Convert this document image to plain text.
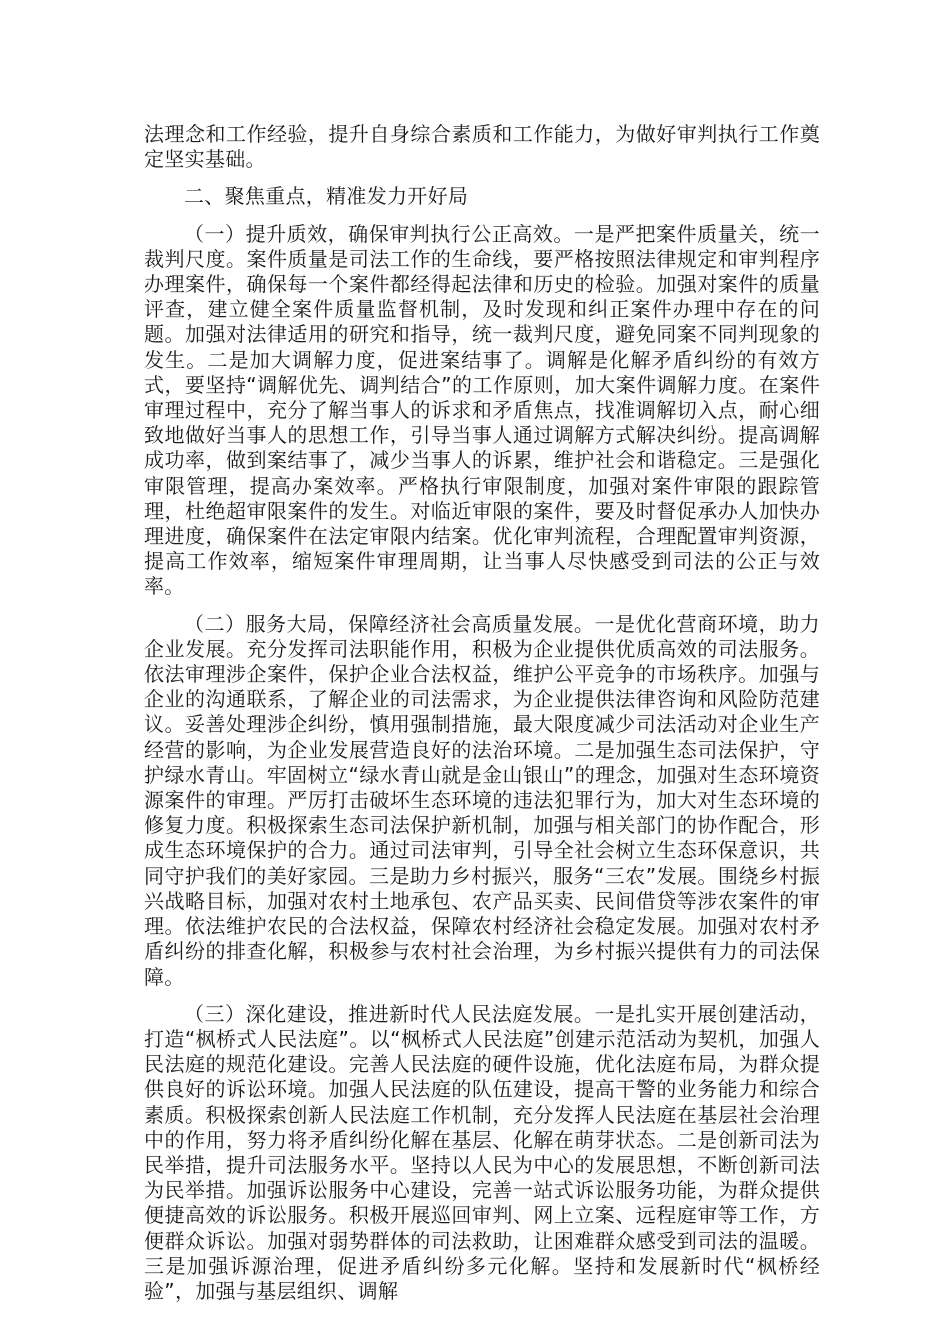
法理念和工作经验，提升自身综合素质和工作能力，为做好审判执行工作奠定坚实基础。

二、聚焦重点，精准发力开好局

（一）提升质效，确保审判执行公正高效。一是严把案件质量关，统一裁判尺度。案件质量是司法工作的生命线，要严格按照法律规定和审判程序办理案件，确保每一个案件都经得起法律和历史的检验。加强对案件的质量评查，建立健全案件质量监督机制，及时发现和纠正案件办理中存在的问题。加强对法律适用的研究和指导，统一裁判尺度，避免同案不同判现象的发生。二是加大调解力度，促进案结事了。调解是化解矛盾纠纷的有效方式，要坚持“调解优先、调判结合”的工作原则，加大案件调解力度。在案件审理过程中，充分了解当事人的诉求和矛盾焦点，找准调解切入点，耐心细致地做好当事人的思想工作，引导当事人通过调解方式解决纠纷。提高调解成功率，做到案结事了，减少当事人的诉累，维护社会和谐稳定。三是强化审限管理，提高办案效率。严格执行审限制度，加强对案件审限的跟踪管理，杜绝超审限案件的发生。对临近审限的案件，要及时督促承办人加快办理进度，确保案件在法定审限内结案。优化审判流程，合理配置审判资源，提高工作效率，缩短案件审理周期，让当事人尽快感受到司法的公正与效率。

（二）服务大局，保障经济社会高质量发展。一是优化营商环境，助力企业发展。充分发挥司法职能作用，积极为企业提供优质高效的司法服务。依法审理涉企案件，保护企业合法权益，维护公平竞争的市场秩序。加强与企业的沟通联系，了解企业的司法需求，为企业提供法律咨询和风险防范建议。妥善处理涉企纠纷，慎用强制措施，最大限度减少司法活动对企业生产经营的影响，为企业发展营造良好的法治环境。二是加强生态司法保护，守护绿水青山。牢固树立“绿水青山就是金山银山”的理念，加强对生态环境资源案件的审理。严厉打击破坏生态环境的违法犯罪行为，加大对生态环境的修复力度。积极探索生态司法保护新机制，加强与相关部门的协作配合，形成生态环境保护的合力。通过司法审判，引导全社会树立生态环保意识，共同守护我们的美好家园。三是助力乡村振兴，服务“三农”发展。围绕乡村振兴战略目标，加强对农村土地承包、农产品买卖、民间借贷等涉农案件的审理。依法维护农民的合法权益，保障农村经济社会稳定发展。加强对农村矛盾纠纷的排查化解，积极参与农村社会治理，为乡村振兴提供有力的司法保障。

（三）深化建设，推进新时代人民法庭发展。一是扎实开展创建活动，打造“枫桥式人民法庭”。以“枫桥式人民法庭”创建示范活动为契机，加强人民法庭的规范化建设。完善人民法庭的硬件设施，优化法庭布局，为群众提供良好的诉讼环境。加强人民法庭的队伍建设，提高干警的业务能力和综合素质。积极探索创新人民法庭工作机制，充分发挥人民法庭在基层社会治理中的作用，努力将矛盾纠纷化解在基层、化解在萌芽状态。二是创新司法为民举措，提升司法服务水平。坚持以人民为中心的发展思想，不断创新司法为民举措。加强诉讼服务中心建设，完善一站式诉讼服务功能，为群众提供便捷高效的诉讼服务。积极开展巡回审判、网上立案、远程庭审等工作，方便群众诉讼。加强对弱势群体的司法救助，让困难群众感受到司法的温暖。三是加强诉源治理，促进矛盾纠纷多元化解。坚持和发展新时代“枫桥经验”，加强与基层组织、调解
